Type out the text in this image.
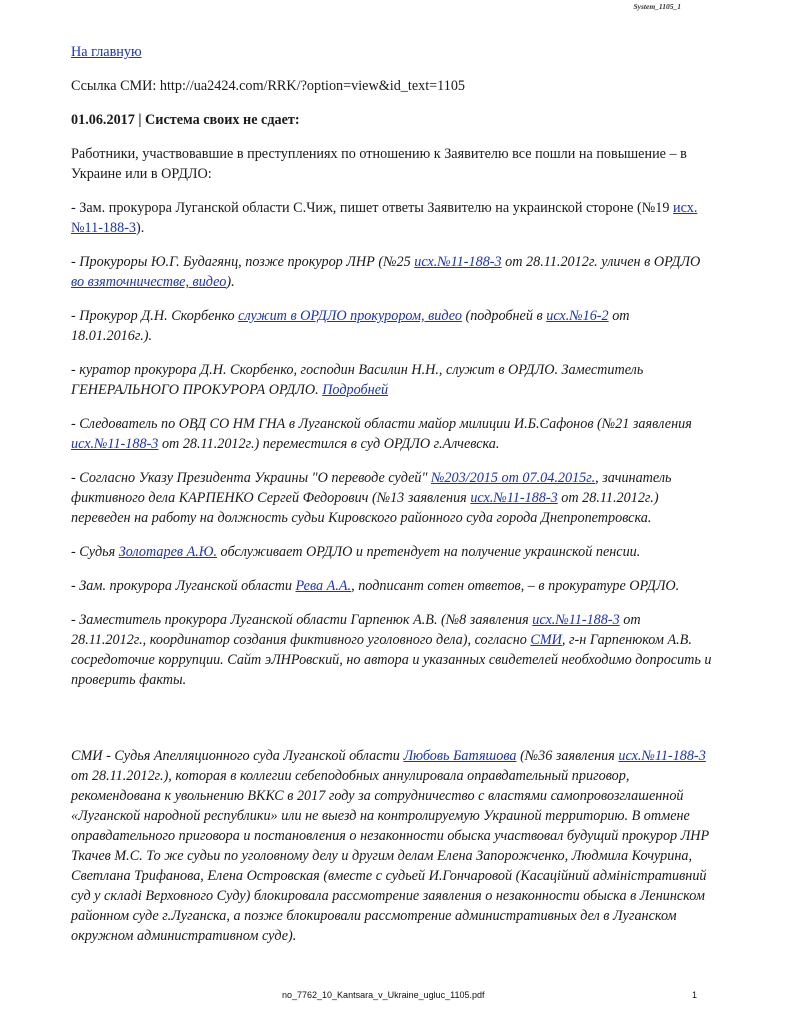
System_1105_1

На главную

Ссылка СМИ: http://ua2424.com/RRK/?option=view&id_text=1105

01.06.2017 | Система своих не сдает:

Работники, участвовавшие в преступлениях по отношению к Заявителю все пошли на повышение – в Украине или в ОРДЛО:

- Зам. прокурора Луганской области С.Чиж, пишет ответы Заявителю на украинской стороне (№19 исх.№11-188-3).

- Прокуроры Ю.Г. Будагянц, позже прокурор ЛНР (№25 исх.№11-188-3 от 28.11.2012г. уличен в ОРДЛО во взяточничестве, видео).

- Прокурор Д.Н. Скорбенко служит в ОРДЛО прокурором, видео (подробней в исх.№16-2 от 18.01.2016г.).

- куратор прокурора Д.Н. Скорбенко, господин Василин Н.Н., служит в ОРДЛО. Заместитель ГЕНЕРАЛЬНОГО ПРОКУРОРА ОРДЛО. Подробней

- Следователь по ОВД СО НМ ГНА в Луганской области майор милиции И.Б.Сафонов (№21 заявления исх.№11-188-3 от 28.11.2012г.) переместился в суд ОРДЛО г.Алчевска.

- Согласно Указу Президента Украины "О переводе судей" №203/2015 от 07.04.2015г., зачинатель фиктивного дела КАРПЕНКО Сергей Федорович (№13 заявления исх.№11-188-3 от 28.11.2012г.) переведен на работу на должность судьи Кировского районного суда города Днепропетровска.

- Судья Золотарев А.Ю. обслуживает ОРДЛО и претендует на получение украинской пенсии.

- Зам. прокурора Луганской области Рева А.А., подписант сотен ответов, – в прокуратуре ОРДЛО.

- Заместитель прокурора Луганской области Гарпенюк А.В. (№8 заявления исх.№11-188-3 от 28.11.2012г., координатор создания фиктивного уголовного дела), согласно СМИ, г-н Гарпенюком А.В. сосредоточие коррупции. Сайт эЛНРовский, но автора и указанных свидетелей необходимо допросить и проверить факты.

СМИ - Судья Апелляционного суда Луганской области Любовь Батяшова (№36 заявления исх.№11-188-3 от 28.11.2012г.), которая в коллегии себеподобных аннулировала оправдательный приговор, рекомендована к увольнению ВККС в 2017 году за сотрудничество с властями самопровозглашенной «Луганской народной республики» или не выезд на контролируемую Украиной территорию. В отмене оправдательного приговора и постановления о незаконности обыска участвовал будущий прокурор ЛНР Ткачев М.С. То же судьи по уголовному делу и другим делам Елена Запорожченко, Людмила Кочурина, Светлана Трифанова, Елена Островская (вместе с судьей И.Гончаровой (Касаційний адміністративний суд у складі Верховного Суду) блокировала рассмотрение заявления о незаконности обыска в Ленинском районном суде г.Луганска, а позже блокировали рассмотрение административных дел в Луганском окружном административном суде).

no_7762_10_Kantsara_v_Ukraine_ugluc_1105.pdf	1
